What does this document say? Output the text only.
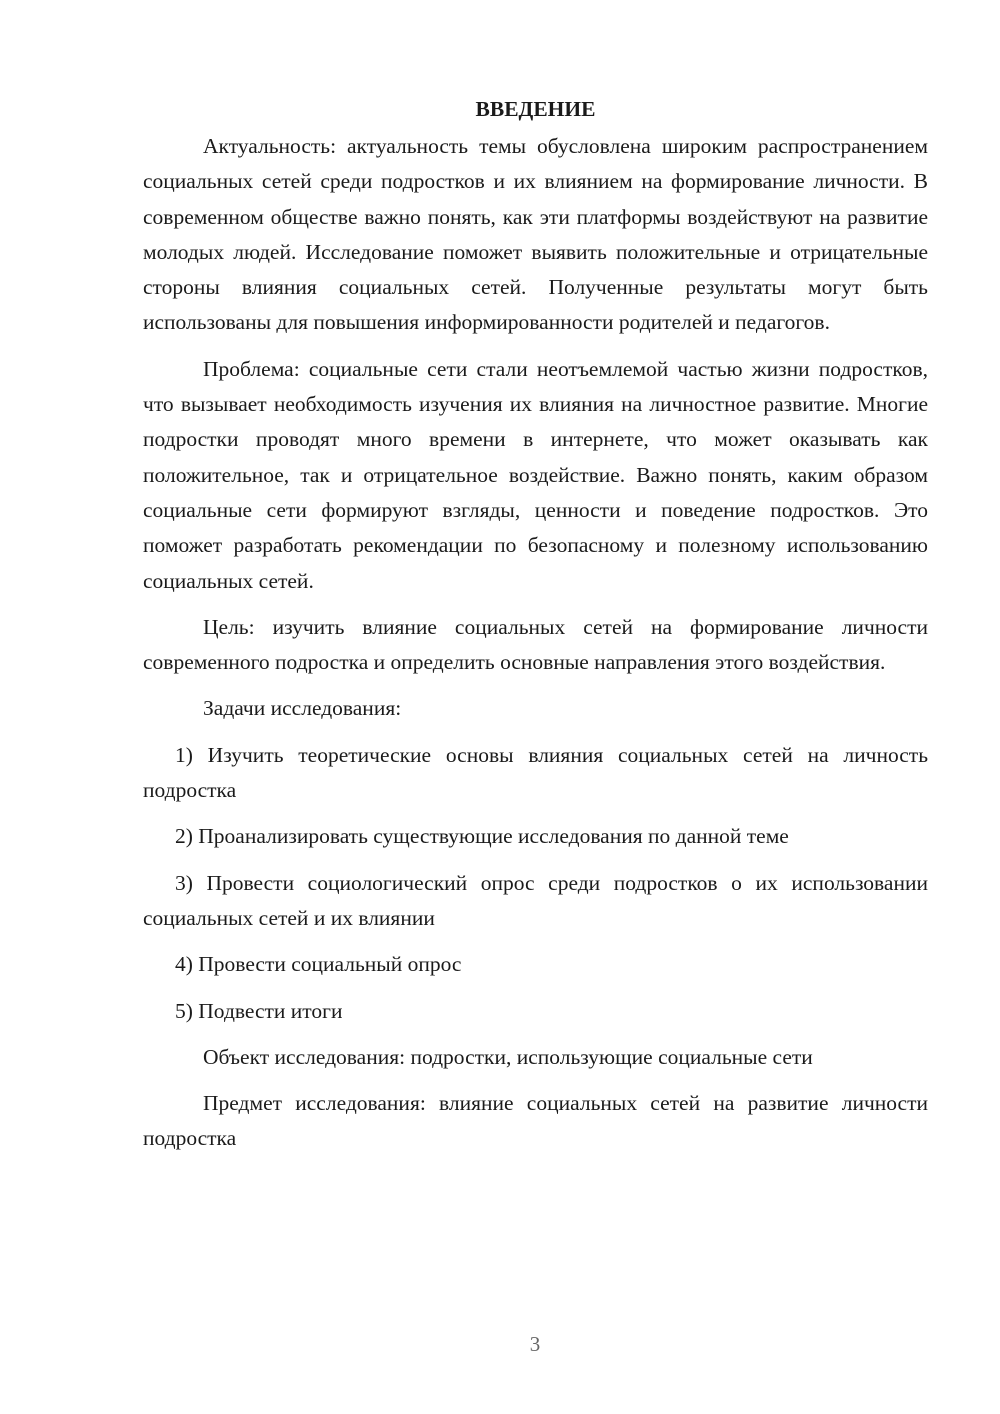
ВВЕДЕНИЕ

Актуальность: актуальность темы обусловлена широким распространением социальных сетей среди подростков и их влиянием на формирование личности. В современном обществе важно понять, как эти платформы воздействуют на развитие молодых людей. Исследование поможет выявить положительные и отрицательные стороны влияния социальных сетей. Полученные результаты могут быть использованы для повышения информированности родителей и педагогов.

Проблема: социальные сети стали неотъемлемой частью жизни подростков, что вызывает необходимость изучения их влияния на личностное развитие. Многие подростки проводят много времени в интернете, что может оказывать как положительное, так и отрицательное воздействие. Важно понять, каким образом социальные сети формируют взгляды, ценности и поведение подростков. Это поможет разработать рекомендации по безопасному и полезному использованию социальных сетей.

Цель: изучить влияние социальных сетей на формирование личности современного подростка и определить основные направления этого воздействия.

Задачи исследования:

1) Изучить теоретические основы влияния социальных сетей на личность подростка

2) Проанализировать существующие исследования по данной теме

3) Провести социологический опрос среди подростков о их использовании социальных сетей и их влиянии

4) Провести социальный опрос

5) Подвести итоги

Объект исследования: подростки, использующие социальные сети

Предмет исследования: влияние социальных сетей на развитие личности подростка

3
